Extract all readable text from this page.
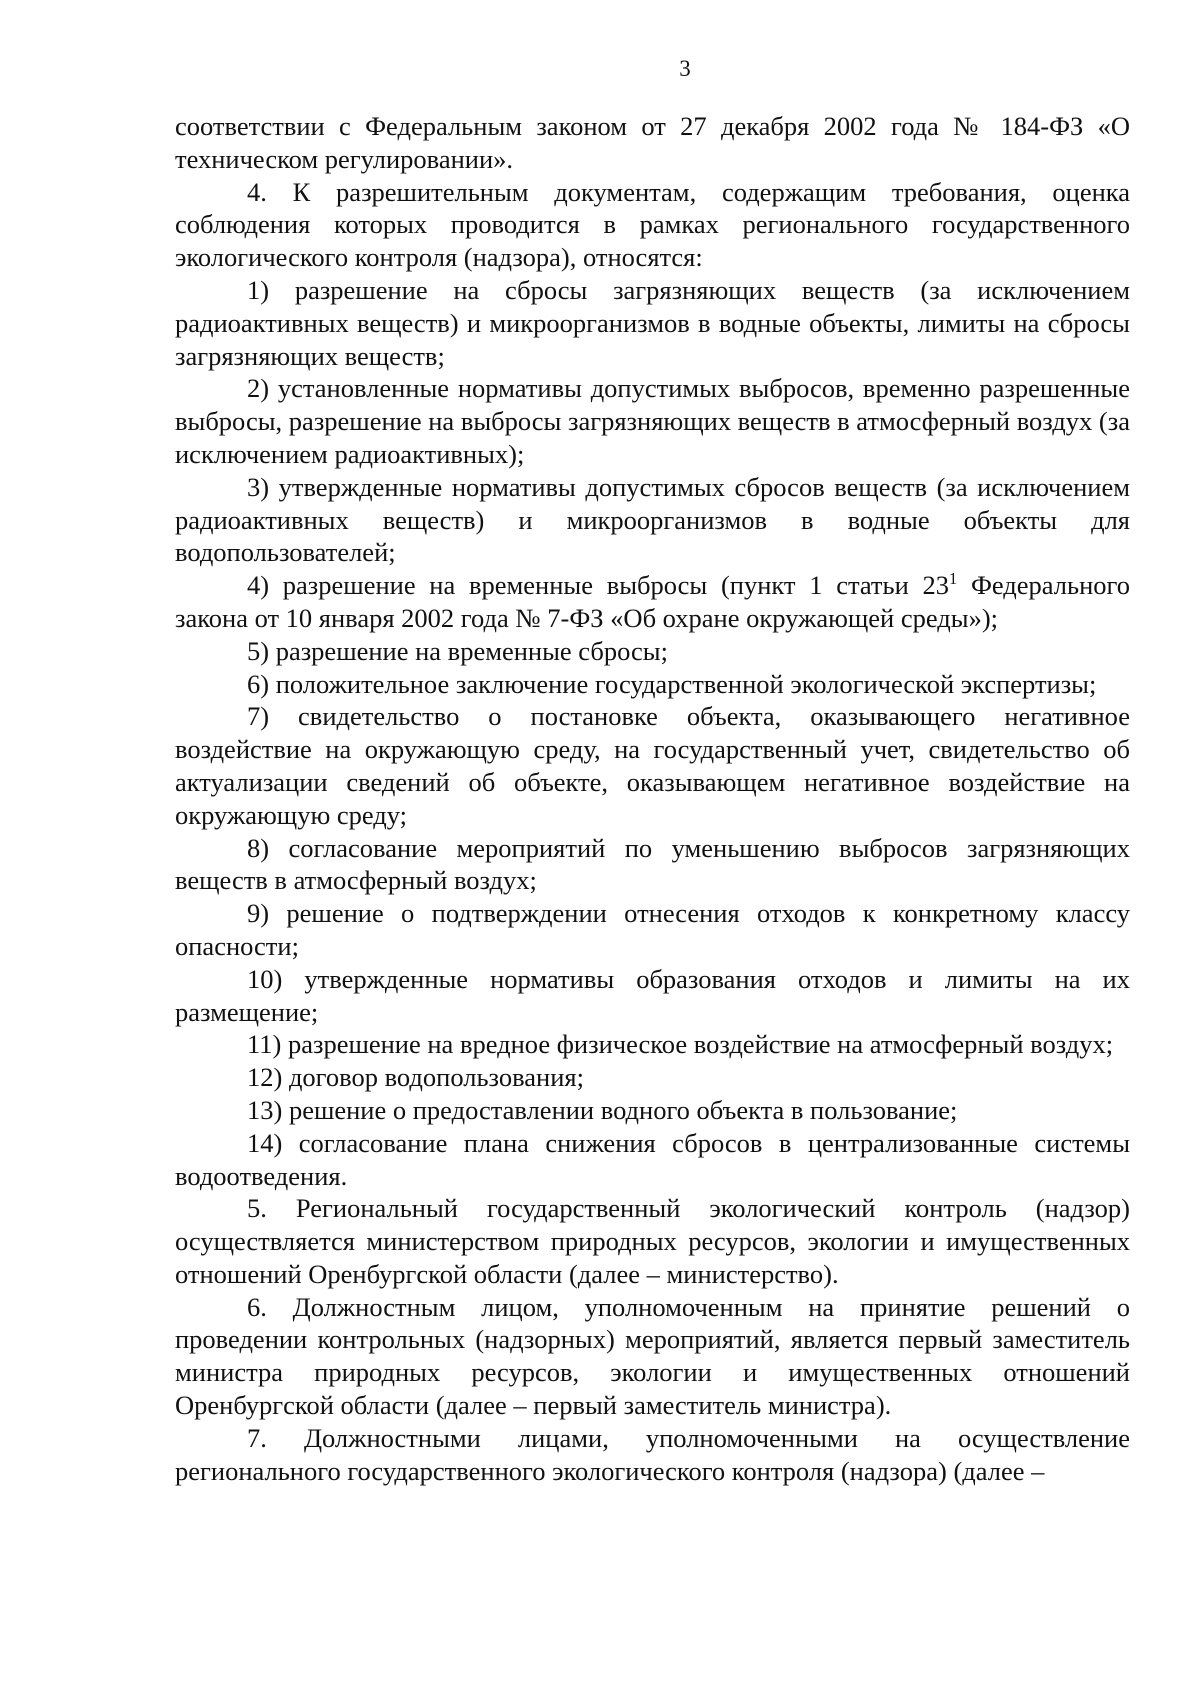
3

соответствии с Федеральным законом от 27 декабря 2002 года № 184-ФЗ «О техническом регулировании».

4. К разрешительным документам, содержащим требования, оценка соблюдения которых проводится в рамках регионального государственного экологического контроля (надзора), относятся:

1) разрешение на сбросы загрязняющих веществ (за исключением радиоактивных веществ) и микроорганизмов в водные объекты, лимиты на сбросы загрязняющих веществ;

2) установленные нормативы допустимых выбросов, временно разрешенные выбросы, разрешение на выбросы загрязняющих веществ в атмосферный воздух (за исключением радиоактивных);

3) утвержденные нормативы допустимых сбросов веществ (за исключением радиоактивных веществ) и микроорганизмов в водные объекты для водопользователей;

4) разрешение на временные выбросы (пункт 1 статьи $23^1$ Федерального закона от 10 января 2002 года № 7-ФЗ «Об охране окружающей среды»);

5) разрешение на временные сбросы;

6) положительное заключение государственной экологической экспертизы;

7) свидетельство о постановке объекта, оказывающего негативное воздействие на окружающую среду, на государственный учет, свидетельство об актуализации сведений об объекте, оказывающем негативное воздействие на окружающую среду;

8) согласование мероприятий по уменьшению выбросов загрязняющих веществ в атмосферный воздух;

9) решение о подтверждении отнесения отходов к конкретному классу опасности;

10) утвержденные нормативы образования отходов и лимиты на их размещение;

11) разрешение на вредное физическое воздействие на атмосферный воздух;

12) договор водопользования;

13) решение о предоставлении водного объекта в пользование;

14) согласование плана снижения сбросов в централизованные системы водоотведения.

5. Региональный государственный экологический контроль (надзор) осуществляется министерством природных ресурсов, экологии и имущественных отношений Оренбургской области (далее – министерство).

6. Должностным лицом, уполномоченным на принятие решений о проведении контрольных (надзорных) мероприятий, является первый заместитель министра природных ресурсов, экологии и имущественных отношений Оренбургской области (далее – первый заместитель министра).

7. Должностными лицами, уполномоченными на осуществление регионального государственного экологического контроля (надзора) (далее –
